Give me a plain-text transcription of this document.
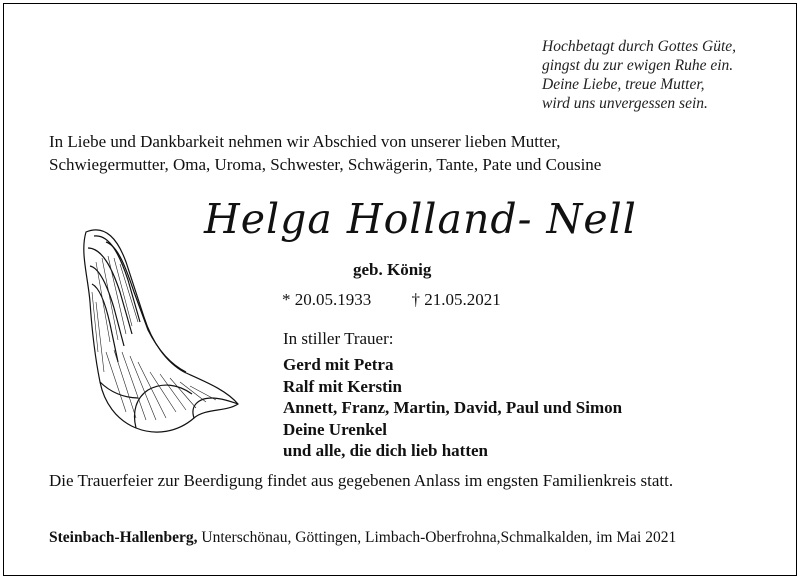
Hochbetagt durch Gottes Güte,
gingst du zur ewigen Ruhe ein.
Deine Liebe, treue Mutter,
wird uns unvergessen sein.
In Liebe und Dankbarkeit nehmen wir Abschied von unserer lieben Mutter,
Schwiegermutter, Oma, Uroma, Schwester, Schwägerin, Tante, Pate und Cousine
Helga Holland- Nell
geb. König
* 20.05.1933 † 21.05.2021
In stiller Trauer:
Gerd mit Petra
Ralf mit Kerstin
Annett, Franz, Martin, David, Paul und Simon
Deine Urenkel
und alle, die dich lieb hatten
Die Trauerfeier zur Beerdigung findet aus gegebenen Anlass im engsten Familienkreis statt.
Steinbach-Hallenberg, Unterschönau, Göttingen, Limbach-Oberfrohna,Schmalkalden, im Mai 2021
